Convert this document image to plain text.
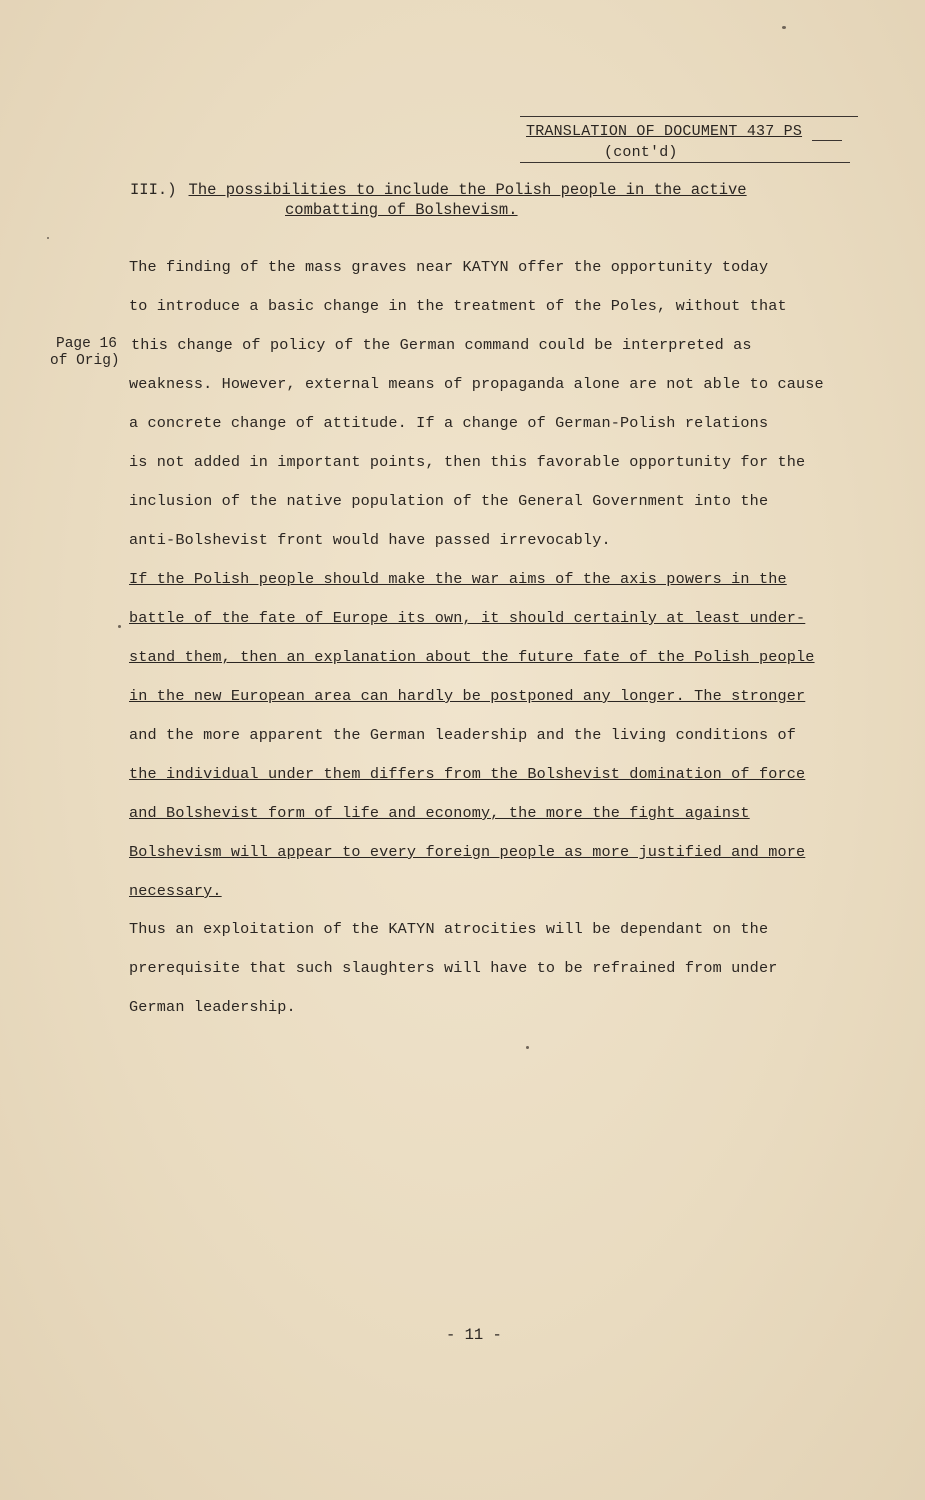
TRANSLATION OF DOCUMENT 437 PS
(cont'd)
III.) The possibilities to include the Polish people in the active
combatting of Bolshevism.
Page 16
of Orig)
The finding of the mass graves near KATYN offer the opportunity today
to introduce a basic change in the treatment of the Poles, without that
this change of policy of the German command could be interpreted as
weakness. However, external means of propaganda alone are not able to cause
a concrete change of attitude. If a change of German-Polish relations
is not added in important points, then this favorable opportunity for the
inclusion of the native population of the General Government into the
anti-Bolshevist front would have passed irrevocably.
If the Polish people should make the war aims of the axis powers in the
battle of the fate of Europe its own, it should certainly at least under-
stand them, then an explanation about the future fate of the Polish people
in the new European area can hardly be postponed any longer. The stronger
and the more apparent the German leadership and the living conditions of
the individual under them differs from the Bolshevist domination of force
and Bolshevist form of life and economy, the more the fight against
Bolshevism will appear to every foreign people as more justified and more
necessary.
Thus an exploitation of the KATYN atrocities will be dependant on the
prerequisite that such slaughters will have to be refrained from under
German leadership.
- 11 -
